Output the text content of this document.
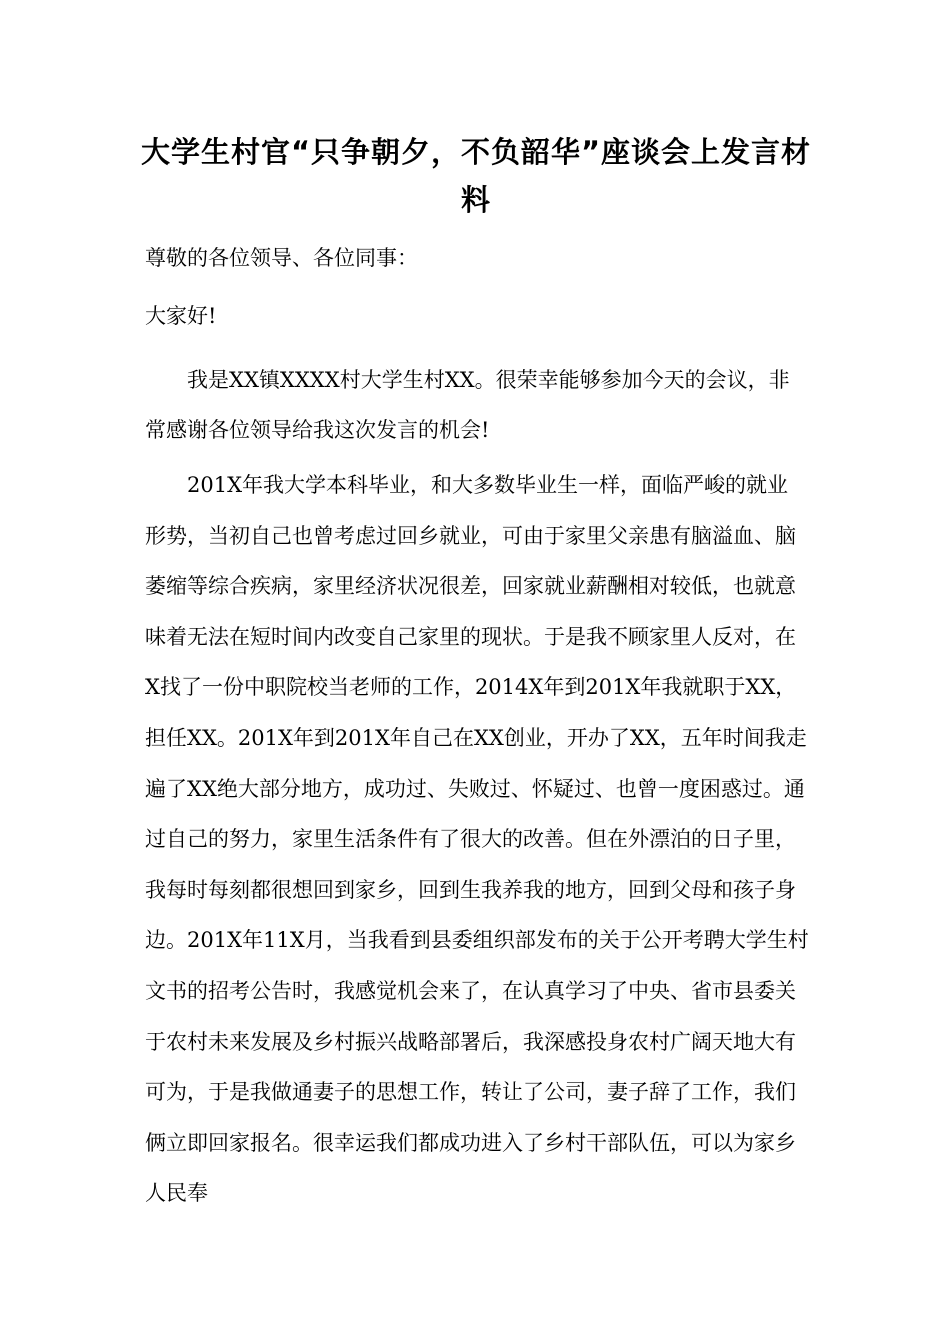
大学生村官“只争朝夕，不负韶华”座谈会上发言材料
尊敬的各位领导、各位同事：
大家好!

我是XX镇XXXX村大学生村XX。很荣幸能够参加今天的会议，非常感谢各位领导给我这次发言的机会!

201X年我大学本科毕业，和大多数毕业生一样，面临严峻的就业形势，当初自己也曾考虑过回乡就业，可由于家里父亲患有脑溢血、脑萎缩等综合疾病，家里经济状况很差，回家就业薪酬相对较低，也就意味着无法在短时间内改变自己家里的现状。于是我不顾家里人反对，在X找了一份中职院校当老师的工作，2014X年到201X年我就职于XX，担任XX。201X年到201X年自己在XX创业，开办了XX，五年时间我走遍了XX绝大部分地方，成功过、失败过、怀疑过、也曾一度困惑过。通过自己的努力，家里生活条件有了很大的改善。但在外漂泊的日子里，我每时每刻都很想回到家乡，回到生我养我的地方，回到父母和孩子身边。201X年11X月，当我看到县委组织部发布的关于公开考聘大学生村文书的招考公告时，我感觉机会来了，在认真学习了中央、省市县委关于农村未来发展及乡村振兴战略部署后，我深感投身农村广阔天地大有可为，于是我做通妻子的思想工作，转让了公司，妻子辞了工作，我们俩立即回家报名。很幸运我们都成功进入了乡村干部队伍，可以为家乡人民奉
